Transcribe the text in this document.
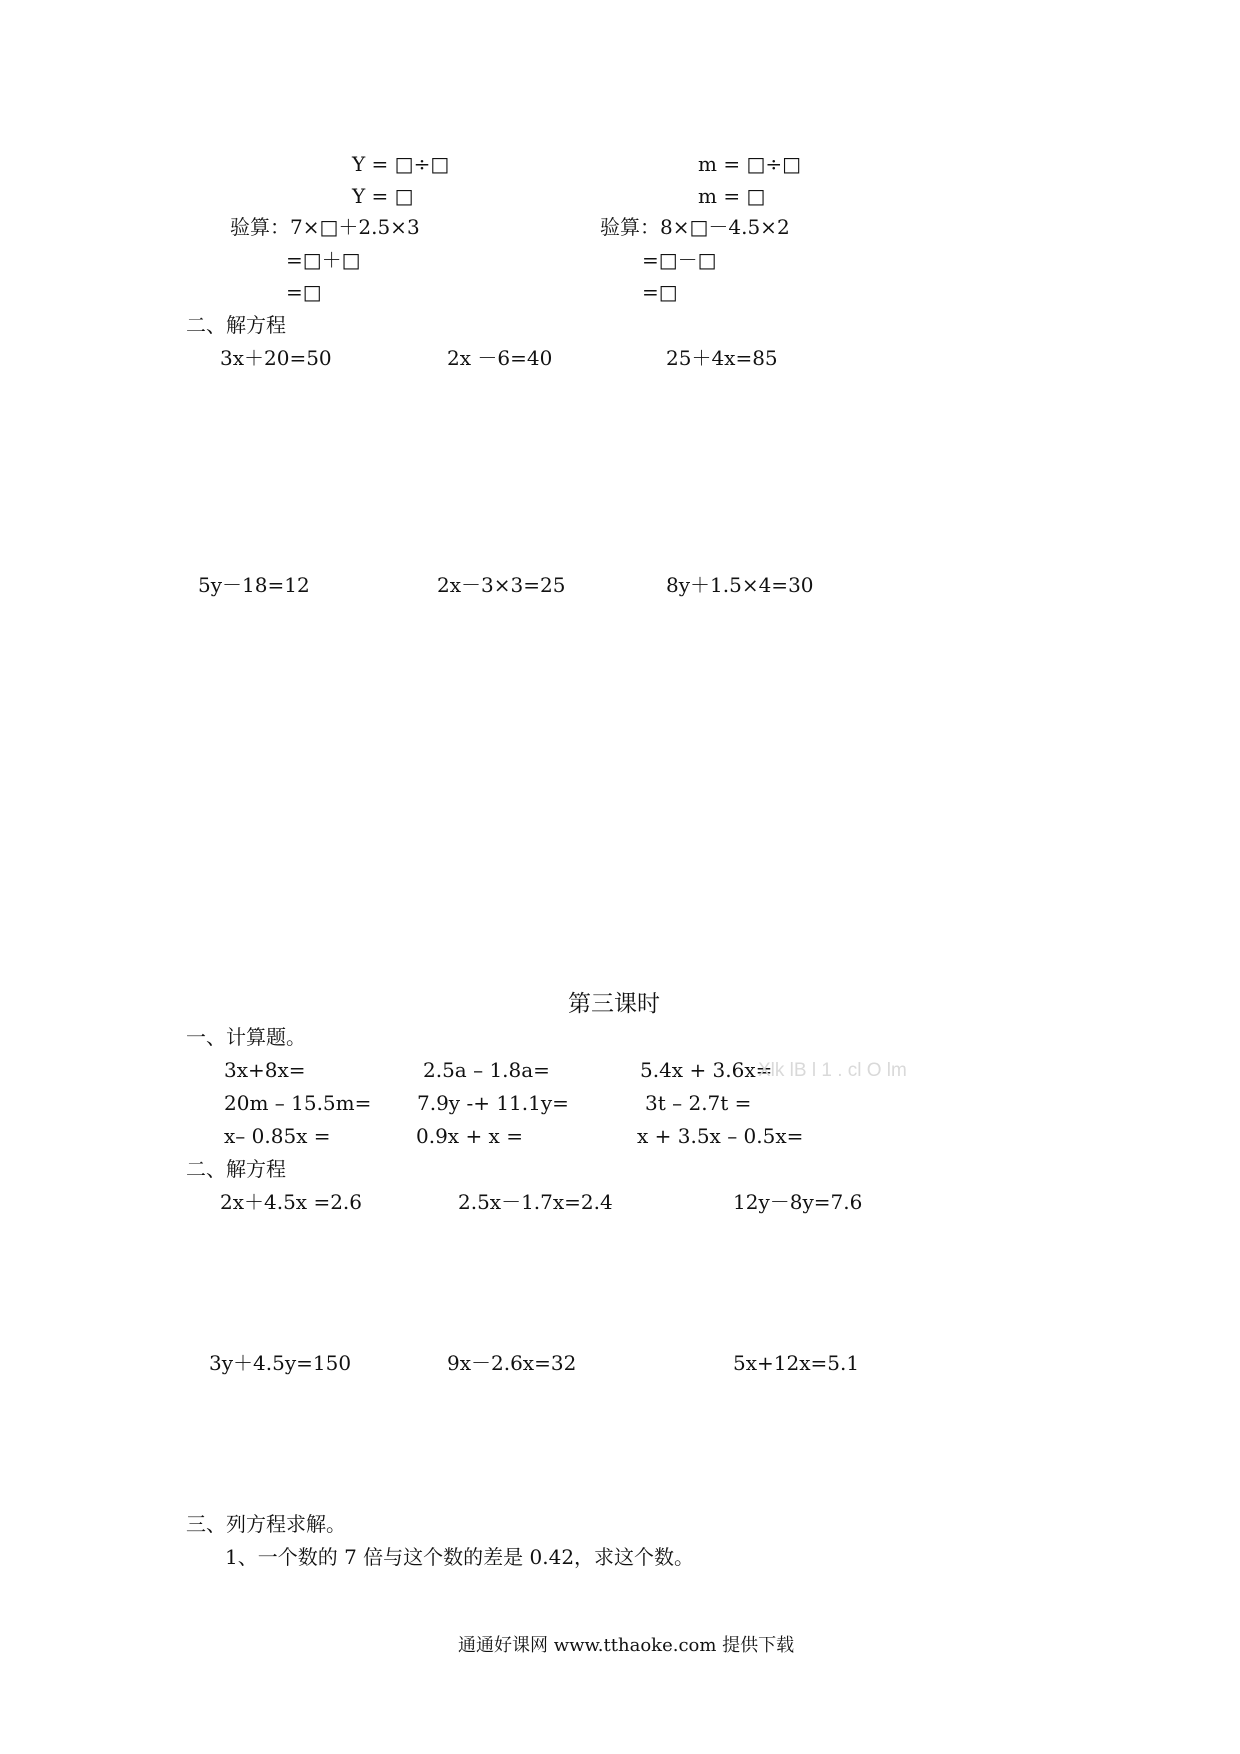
Y = □÷□
Y = □
验算：7×□＋2.5×3
=□＋□
=□
m = □÷□
m = □
验算：8×□－4.5×2
=□－□
=□
二、解方程
3x＋20=50	2x －6=40	25＋4x=85
5y－18=12	2x－3×3=25	8y＋1.5×4=30
第三课时
一、计算题。
3x+8x=	2.5a – 1.8a=	5.4x + 3.6x=
Xlk lB l 1 . cl O lm
20m – 15.5m= 7.9y -+ 11.1y=	3t – 2.7t =
x– 0.85x =	0.9x + x =	x + 3.5x – 0.5x=
二、解方程
2x＋4.5x =2.6	2.5x－1.7x=2.4	12y－8y=7.6
3y＋4.5y=150	9x－2.6x=32	5x+12x=5.1
三、列方程求解。
1、一个数的 7 倍与这个数的差是 0.42，求这个数。
通通好课网 www.tthaoke.com 提供下载
